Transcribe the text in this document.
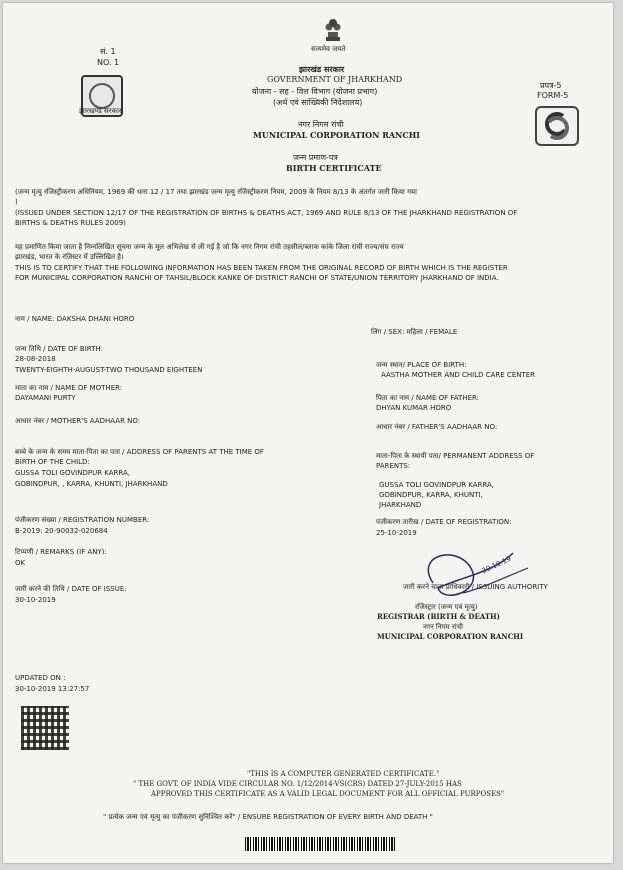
सं. 1
NO. 1
सत्यमेव जयते
झारखण्ड सरकार
झारखंड सरकार
GOVERNMENT OF JHARKHAND
योजना - सह - वित्त विभाग (योजना प्रभाग)
(अर्थ एवं सांख्यिकी निदेशालय)
प्रपत्र-5
FORM-5
नगर निगम रांची
MUNICIPAL CORPORATION RANCHI
जन्म प्रमाण-पत्र
BIRTH CERTIFICATE
(जन्म मृत्यु रजिस्ट्रीकरण अधिनियम, 1969 की धारा 12 / 17 तथा झारखंड जन्म मृत्यु रजिस्ट्रीकरण नियम, 2009 के नियम 8/13 के अंतर्गत जारी किया गया
)
(ISSUED UNDER SECTION 12/17 OF THE REGISTRATION OF BIRTHS & DEATHS ACT, 1969 AND RULE 8/13 OF THE JHARKHAND REGISTRATION OF
BIRTHS & DEATHS RULES 2009)
यह प्रमाणित किया जाता है निम्नलिखित सूचना जन्म के मूल अभिलेख से ली गई है जो कि नगर निगम रांची तहसील/ब्लाक कांके जिला रांची राज्य/संघ राज्य
झारखंड, भारत के रजिस्टर में उल्लिखित है।
THIS IS TO CERTIFY THAT THE FOLLOWING INFORMATION HAS BEEN TAKEN FROM THE ORIGINAL RECORD OF BIRTH WHICH IS THE REGISTER
FOR MUNICIPAL CORPORATION RANCHI OF TAHSIL/BLOCK KANKE OF DISTRICT RANCHI OF STATE/UNION TERRITORY JHARKHAND OF INDIA.
नाम / NAME: DAKSHA DHANI HORO
लिंग / SEX: महिला / FEMALE
जन्म तिथि / DATE OF BIRTH:
28-08-2018
TWENTY-EIGHTH-AUGUST-TWO THOUSAND EIGHTEEN
जन्म स्थान/ PLACE OF BIRTH:
AASTHA MOTHER AND CHILD CARE CENTER
माता का नाम / NAME OF MOTHER:
DAYAMANI PURTY	पिता का नाम / NAME OF FATHER:
DHYAN KUMAR HORO
आधार नंबर / MOTHER'S AADHAAR NO:
आधार नंबर / FATHER'S AADHAAR NO:
बच्चे के जन्म के समय माता-पिता का पता / ADDRESS OF PARENTS AT THE TIME OF
BIRTH OF THE CHILD:
GUSSA TOLI GOVINDPUR KARRA,
GOBINDPUR, , KARRA, KHUNTI, JHARKHAND
माता-पिता के स्थायी पता/ PERMANENT ADDRESS OF
PARENTS:
GUSSA TOLI GOVINDPUR KARRA,
GOBINDPUR, KARRA, KHUNTI,
JHARKHAND
पंजीकरण संख्या / REGISTRATION NUMBER:
B-2019: 20-90032-020684
पंजीकरण तारीख / DATE OF REGISTRATION:
25-10-2019
टिप्पणी / REMARKS (IF ANY):
OK
जारी करने की तिथि / DATE OF ISSUE:
30-10-2019
30.10.19
जारी करने वाला प्राधिकारी / ISSUING AUTHORITY
रजिस्ट्रार (जन्म एवं मृत्यु)
REGISTRAR (BIRTH & DEATH)
नगर निगम रांची
MUNICIPAL CORPORATION RANCHI
UPDATED ON :
30-10-2019 13:27:57
"THIS IS A COMPUTER GENERATED CERTIFICATE."
" THE GOVT. OF INDIA VIDE CIRCULAR NO. 1/12/2014-VS(CRS) DATED 27-JULY-2015 HAS
APPROVED THIS CERTIFICATE AS A VALID LEGAL DOCUMENT FOR ALL OFFICIAL PURPOSES"
" प्रत्येक जन्म एवं मृत्यु का पंजीकरण सुनिश्चित करें" / ENSURE REGISTRATION OF EVERY BIRTH AND DEATH "
